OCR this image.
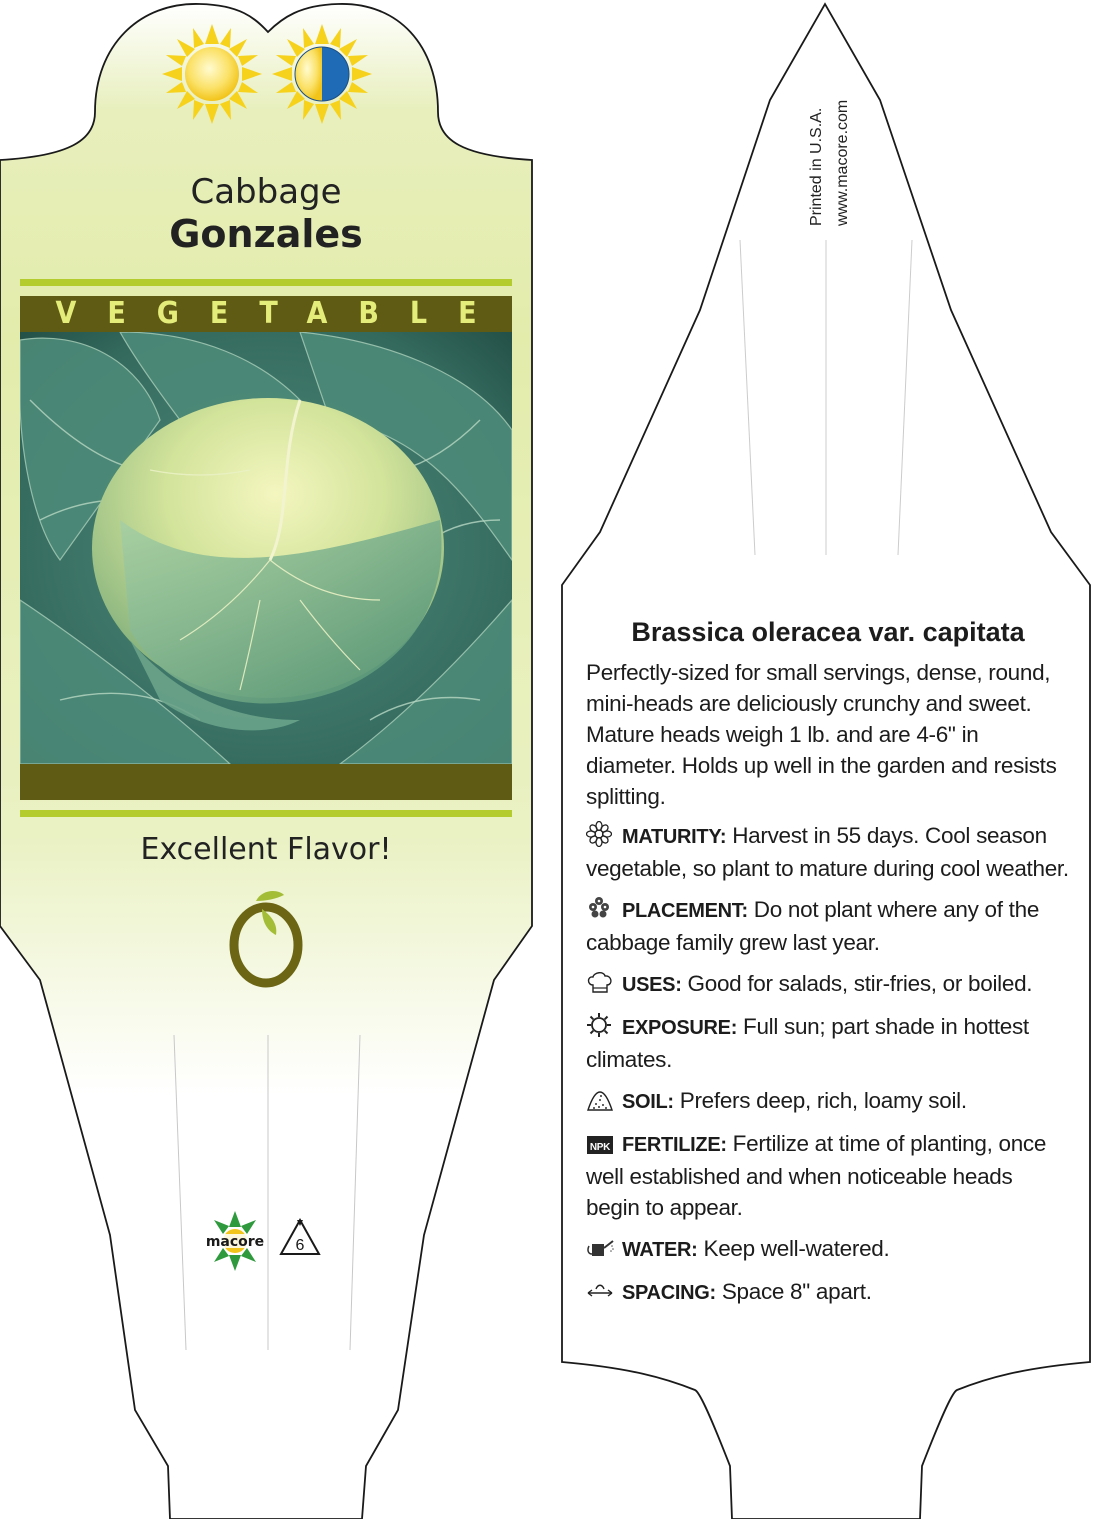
macore 6
Cabbage
Gonzales
VEGETABLE
Excellent Flavor!
Printed in U.S.A. www.macore.com
Brassica oleracea var. capitata

Perfectly-sized for small servings, dense, round, mini-heads are deliciously crunchy and sweet. Mature heads weigh 1 lb. and are 4-6" in diameter. Holds up well in the garden and resists splitting.

MATURITY: Harvest in 55 days. Cool season vegetable, so plant to mature during cool weather.
PLACEMENT: Do not plant where any of the cabbage family grew last year.
USES: Good for salads, stir-fries, or boiled.
EXPOSURE: Full sun; part shade in hottest climates.
SOIL: Prefers deep, rich, loamy soil.
NPK FERTILIZE: Fertilize at time of planting, once well established and when noticeable heads begin to appear.
WATER: Keep well-watered.
SPACING: Space 8" apart.
